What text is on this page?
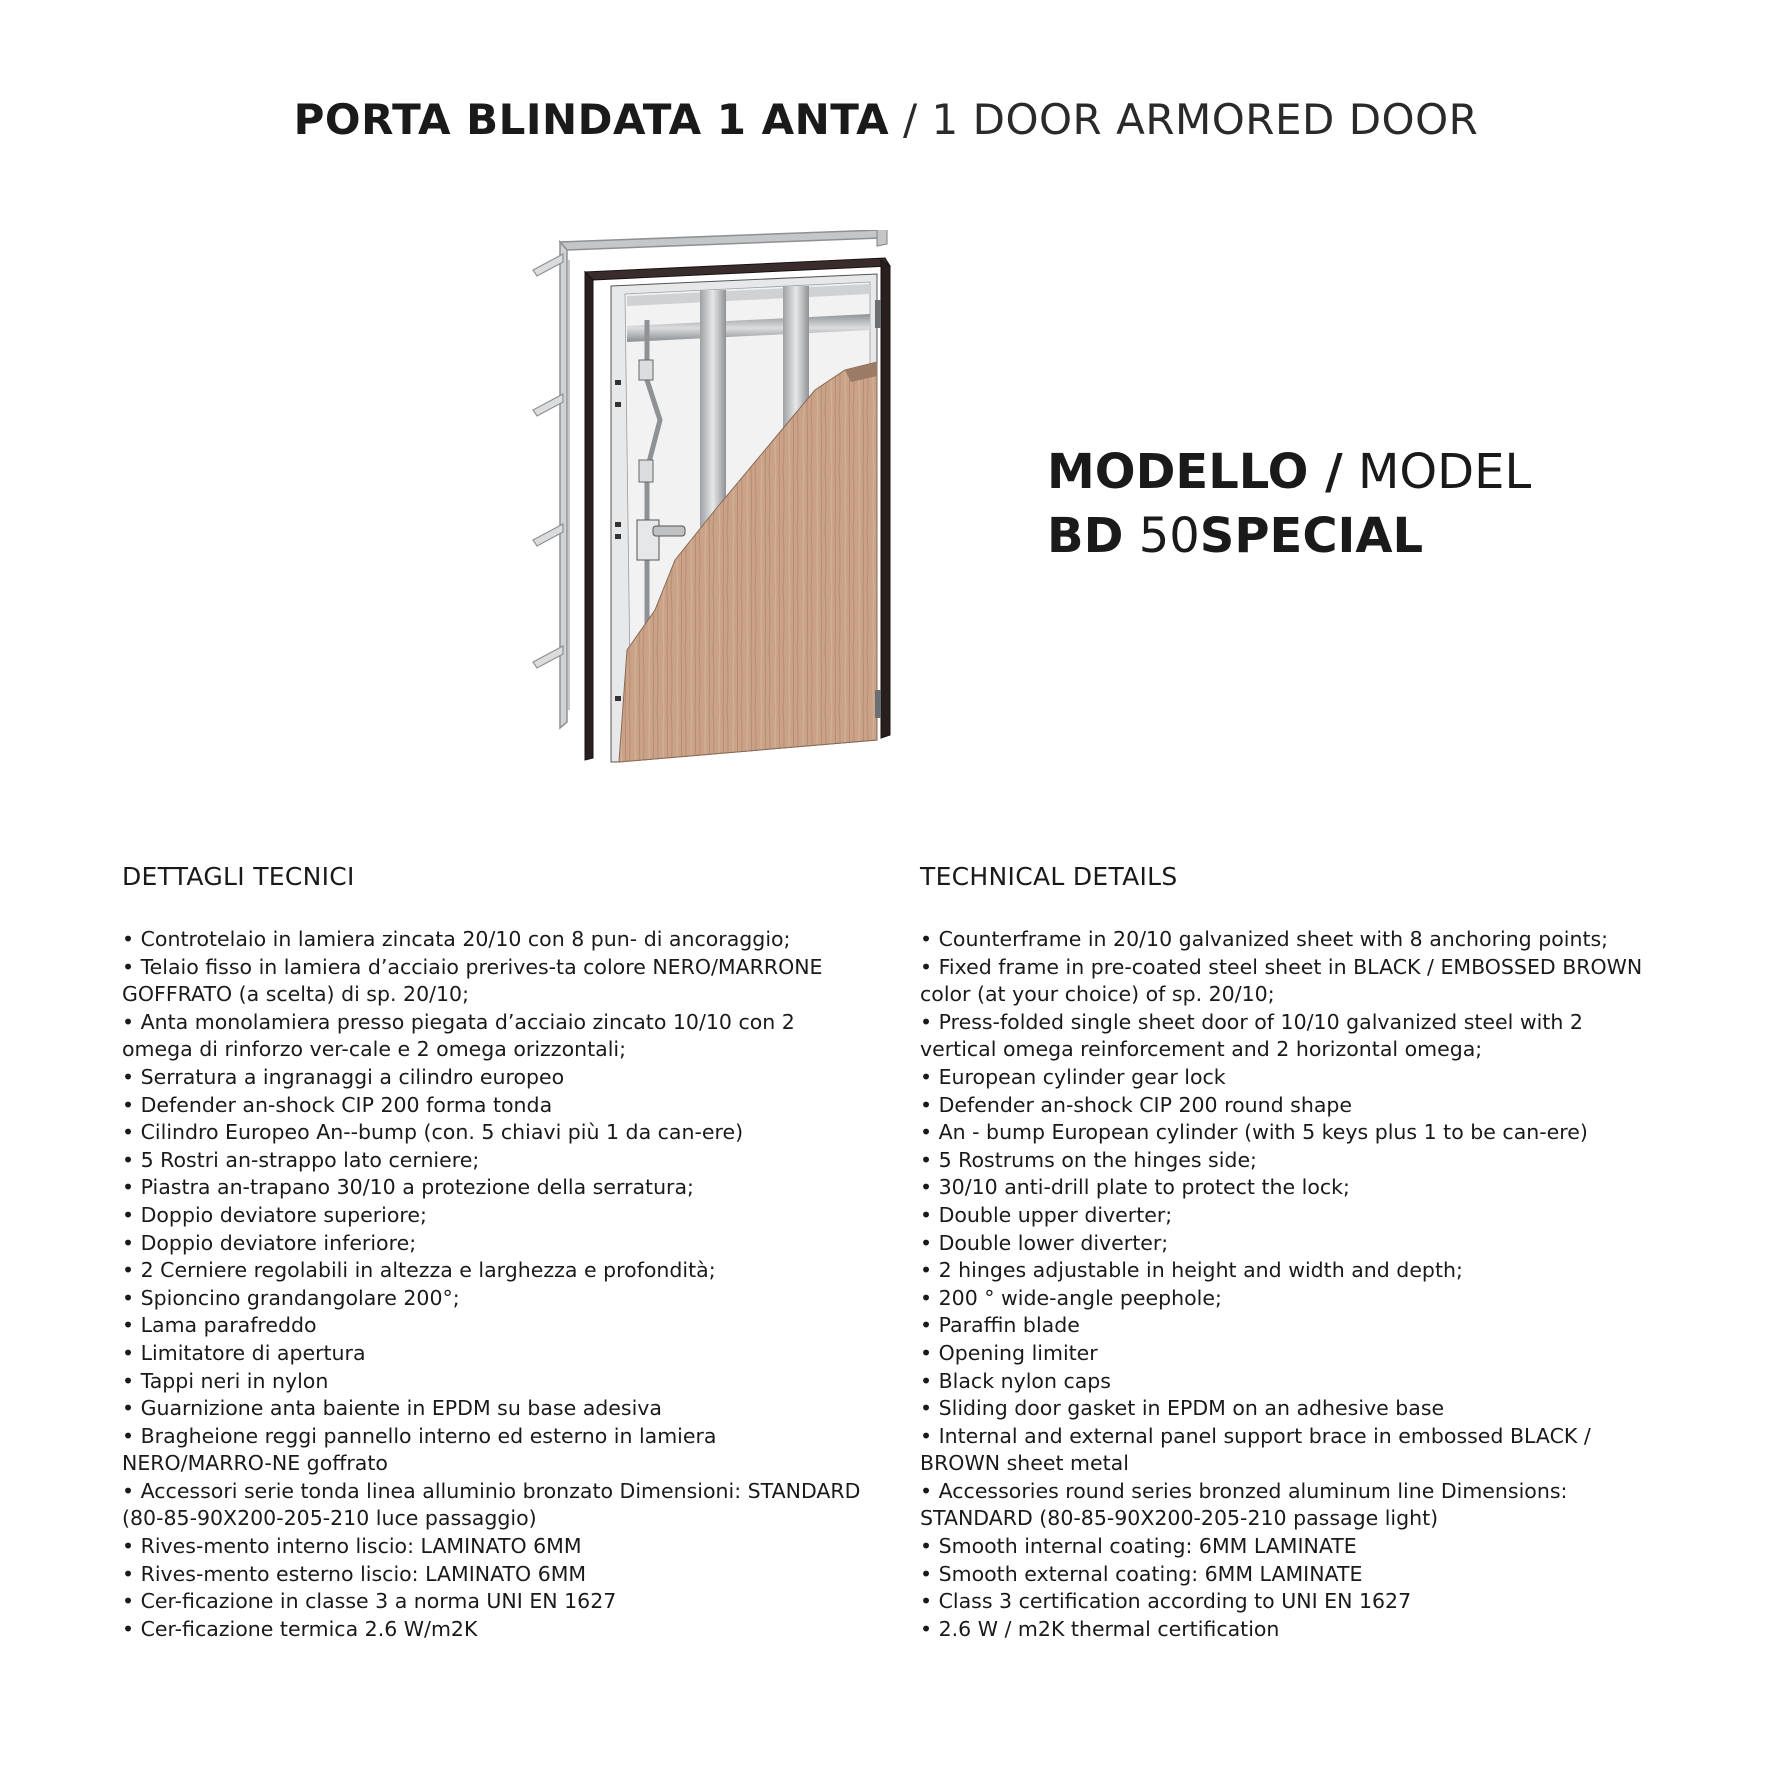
PORTA BLINDATA 1 ANTA / 1 DOOR ARMORED DOOR
MODELLO / MODEL
BD 50SPECIAL
DETTAGLI TECNICI
• Controtelaio in lamiera zincata 20/10 con 8 pun- di ancoraggio;
• Telaio fisso in lamiera d’acciaio prerives-ta colore NERO/MARRONE GOFFRATO (a scelta) di sp. 20/10;
• Anta monolamiera presso piegata d’acciaio zincato 10/10 con 2 omega di rinforzo ver-cale e 2 omega orizzontali;
• Serratura a ingranaggi a cilindro europeo
• Defender an-shock CIP 200 forma tonda
• Cilindro Europeo An--bump (con. 5 chiavi più 1 da can-ere)
• 5 Rostri an-strappo lato cerniere;
• Piastra an-trapano 30/10 a protezione della serratura;
• Doppio deviatore superiore;
• Doppio deviatore inferiore;
• 2 Cerniere regolabili in altezza e larghezza e profondità;
• Spioncino grandangolare 200°;
• Lama parafreddo
• Limitatore di apertura
• Tappi neri in nylon
• Guarnizione anta baiente in EPDM su base adesiva
• Bragheione reggi pannello interno ed esterno in lamiera NERO/MARRO-NE goffrato
• Accessori serie tonda linea alluminio bronzato Dimensioni: STANDARD (80-85-90X200-205-210 luce passaggio)
• Rives-mento interno liscio: LAMINATO 6MM
• Rives-mento esterno liscio: LAMINATO 6MM
• Cer-ficazione in classe 3 a norma UNI EN 1627
• Cer-ficazione termica 2.6 W/m2K
TECHNICAL DETAILS
• Counterframe in 20/10 galvanized sheet with 8 anchoring points;
• Fixed frame in pre-coated steel sheet in BLACK / EMBOSSED BROWN color (at your choice) of sp. 20/10;
• Press-folded single sheet door of 10/10 galvanized steel with 2 vertical omega reinforcement and 2 horizontal omega;
• European cylinder gear lock
• Defender an-shock CIP 200 round shape
• An - bump European cylinder (with 5 keys plus 1 to be can-ere)
• 5 Rostrums on the hinges side;
• 30/10 anti-drill plate to protect the lock;
• Double upper diverter;
• Double lower diverter;
• 2 hinges adjustable in height and width and depth;
• 200 ° wide-angle peephole;
• Paraffin blade
• Opening limiter
• Black nylon caps
• Sliding door gasket in EPDM on an adhesive base
• Internal and external panel support brace in embossed BLACK / BROWN sheet metal
• Accessories round series bronzed aluminum line Dimensions: STANDARD (80-85-90X200-205-210 passage light)
• Smooth internal coating: 6MM LAMINATE
• Smooth external coating: 6MM LAMINATE
• Class 3 certification according to UNI EN 1627
• 2.6 W / m2K thermal certification
